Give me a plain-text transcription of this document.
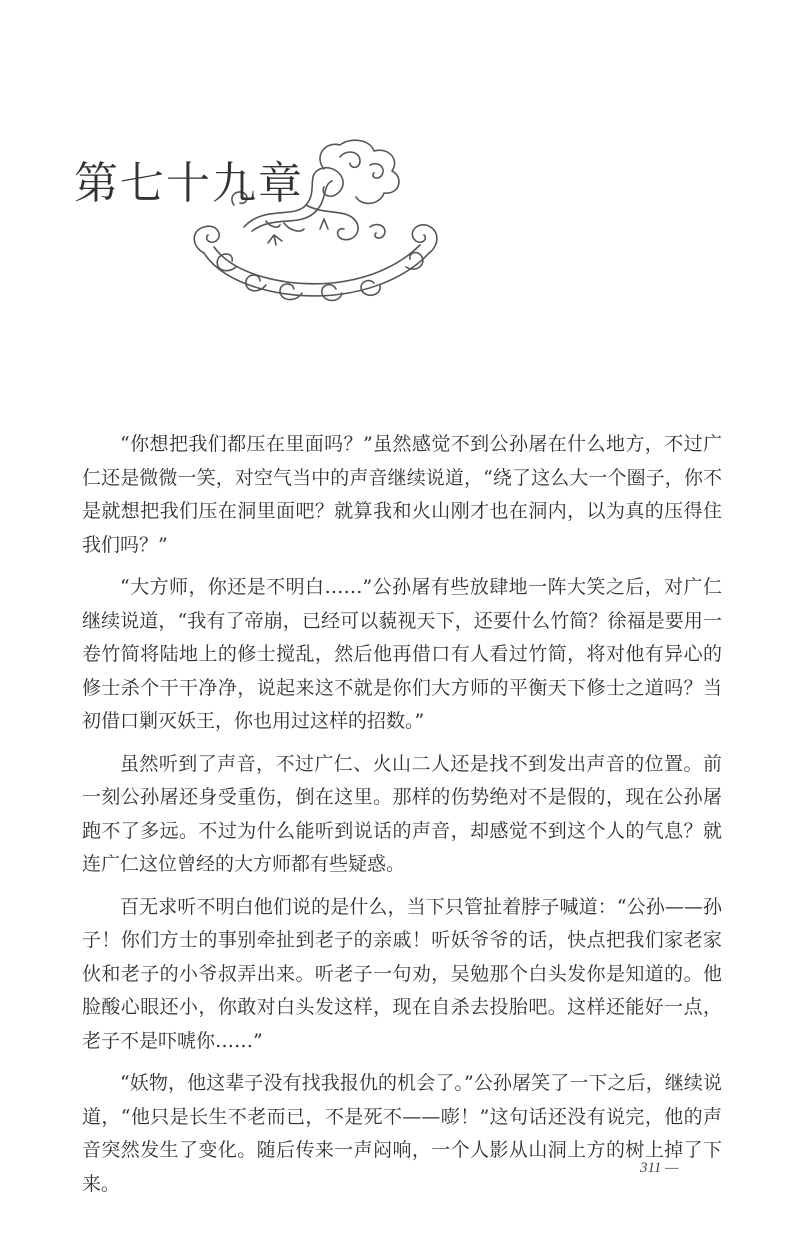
第七十九章

“你想把我们都压在里面吗？”虽然感觉不到公孙屠在什么地方，不过广仁还是微微一笑，对空气当中的声音继续说道，“绕了这么大一个圈子，你不是就想把我们压在洞里面吧？就算我和火山刚才也在洞内，以为真的压得住我们吗？”

“大方师，你还是不明白……”公孙屠有些放肆地一阵大笑之后，对广仁继续说道，“我有了帝崩，已经可以藐视天下，还要什么竹简？徐福是要用一卷竹简将陆地上的修士搅乱，然后他再借口有人看过竹简，将对他有异心的修士杀个干干净净，说起来这不就是你们大方师的平衡天下修士之道吗？当初借口剿灭妖王，你也用过这样的招数。”

虽然听到了声音，不过广仁、火山二人还是找不到发出声音的位置。前一刻公孙屠还身受重伤，倒在这里。那样的伤势绝对不是假的，现在公孙屠跑不了多远。不过为什么能听到说话的声音，却感觉不到这个人的气息？就连广仁这位曾经的大方师都有些疑惑。

百无求听不明白他们说的是什么，当下只管扯着脖子喊道：“公孙——孙子！你们方士的事别牵扯到老子的亲戚！听妖爷爷的话，快点把我们家老家伙和老子的小爷叔弄出来。听老子一句劝，吴勉那个白头发你是知道的。他脸酸心眼还小，你敢对白头发这样，现在自杀去投胎吧。这样还能好一点，老子不是吓唬你……”

“妖物，他这辈子没有找我报仇的机会了。”公孙屠笑了一下之后，继续说道，“他只是长生不老而已，不是死不——嘭！”这句话还没有说完，他的声音突然发生了变化。随后传来一声闷响，一个人影从山洞上方的树上掉了下来。

311 —
